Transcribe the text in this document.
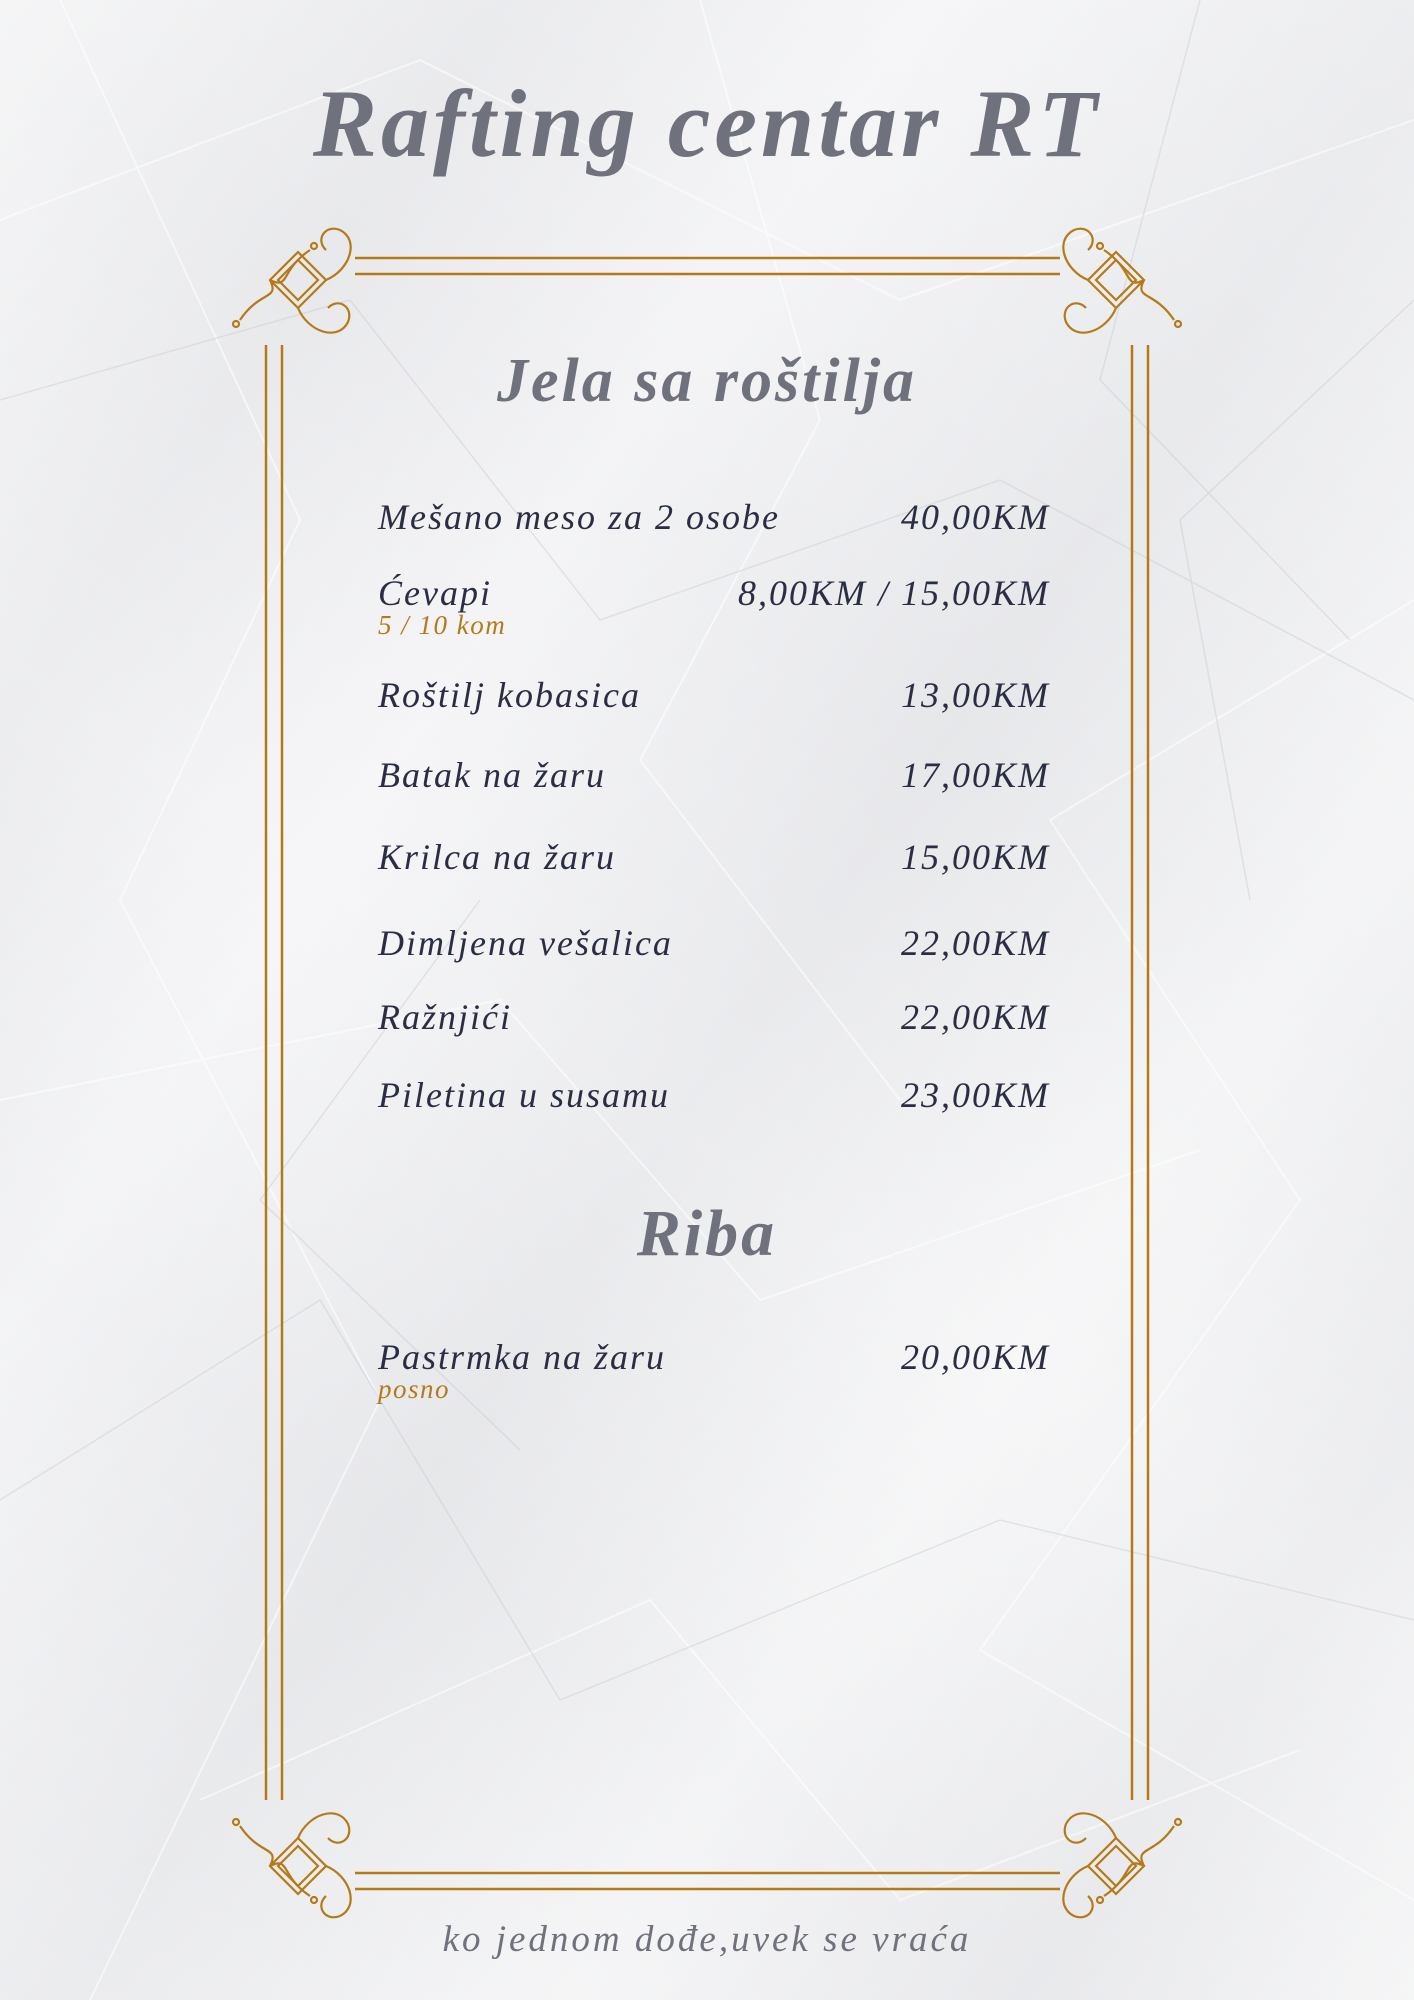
Rafting centar RT
Jela sa roštilja
Mešano meso za 2 osobe	40,00KM
Ćevapi	8,00KM / 15,00KM
5 / 10 kom
Roštilj kobasica	13,00KM
Batak na žaru	17,00KM
Krilca na žaru	15,00KM
Dimljena vešalica	22,00KM
Ražnjići	22,00KM
Piletina u susamu	23,00KM
Riba
Pastrmka na žaru	20,00KM
posno
ko jednom dođe,uvek se vraća
